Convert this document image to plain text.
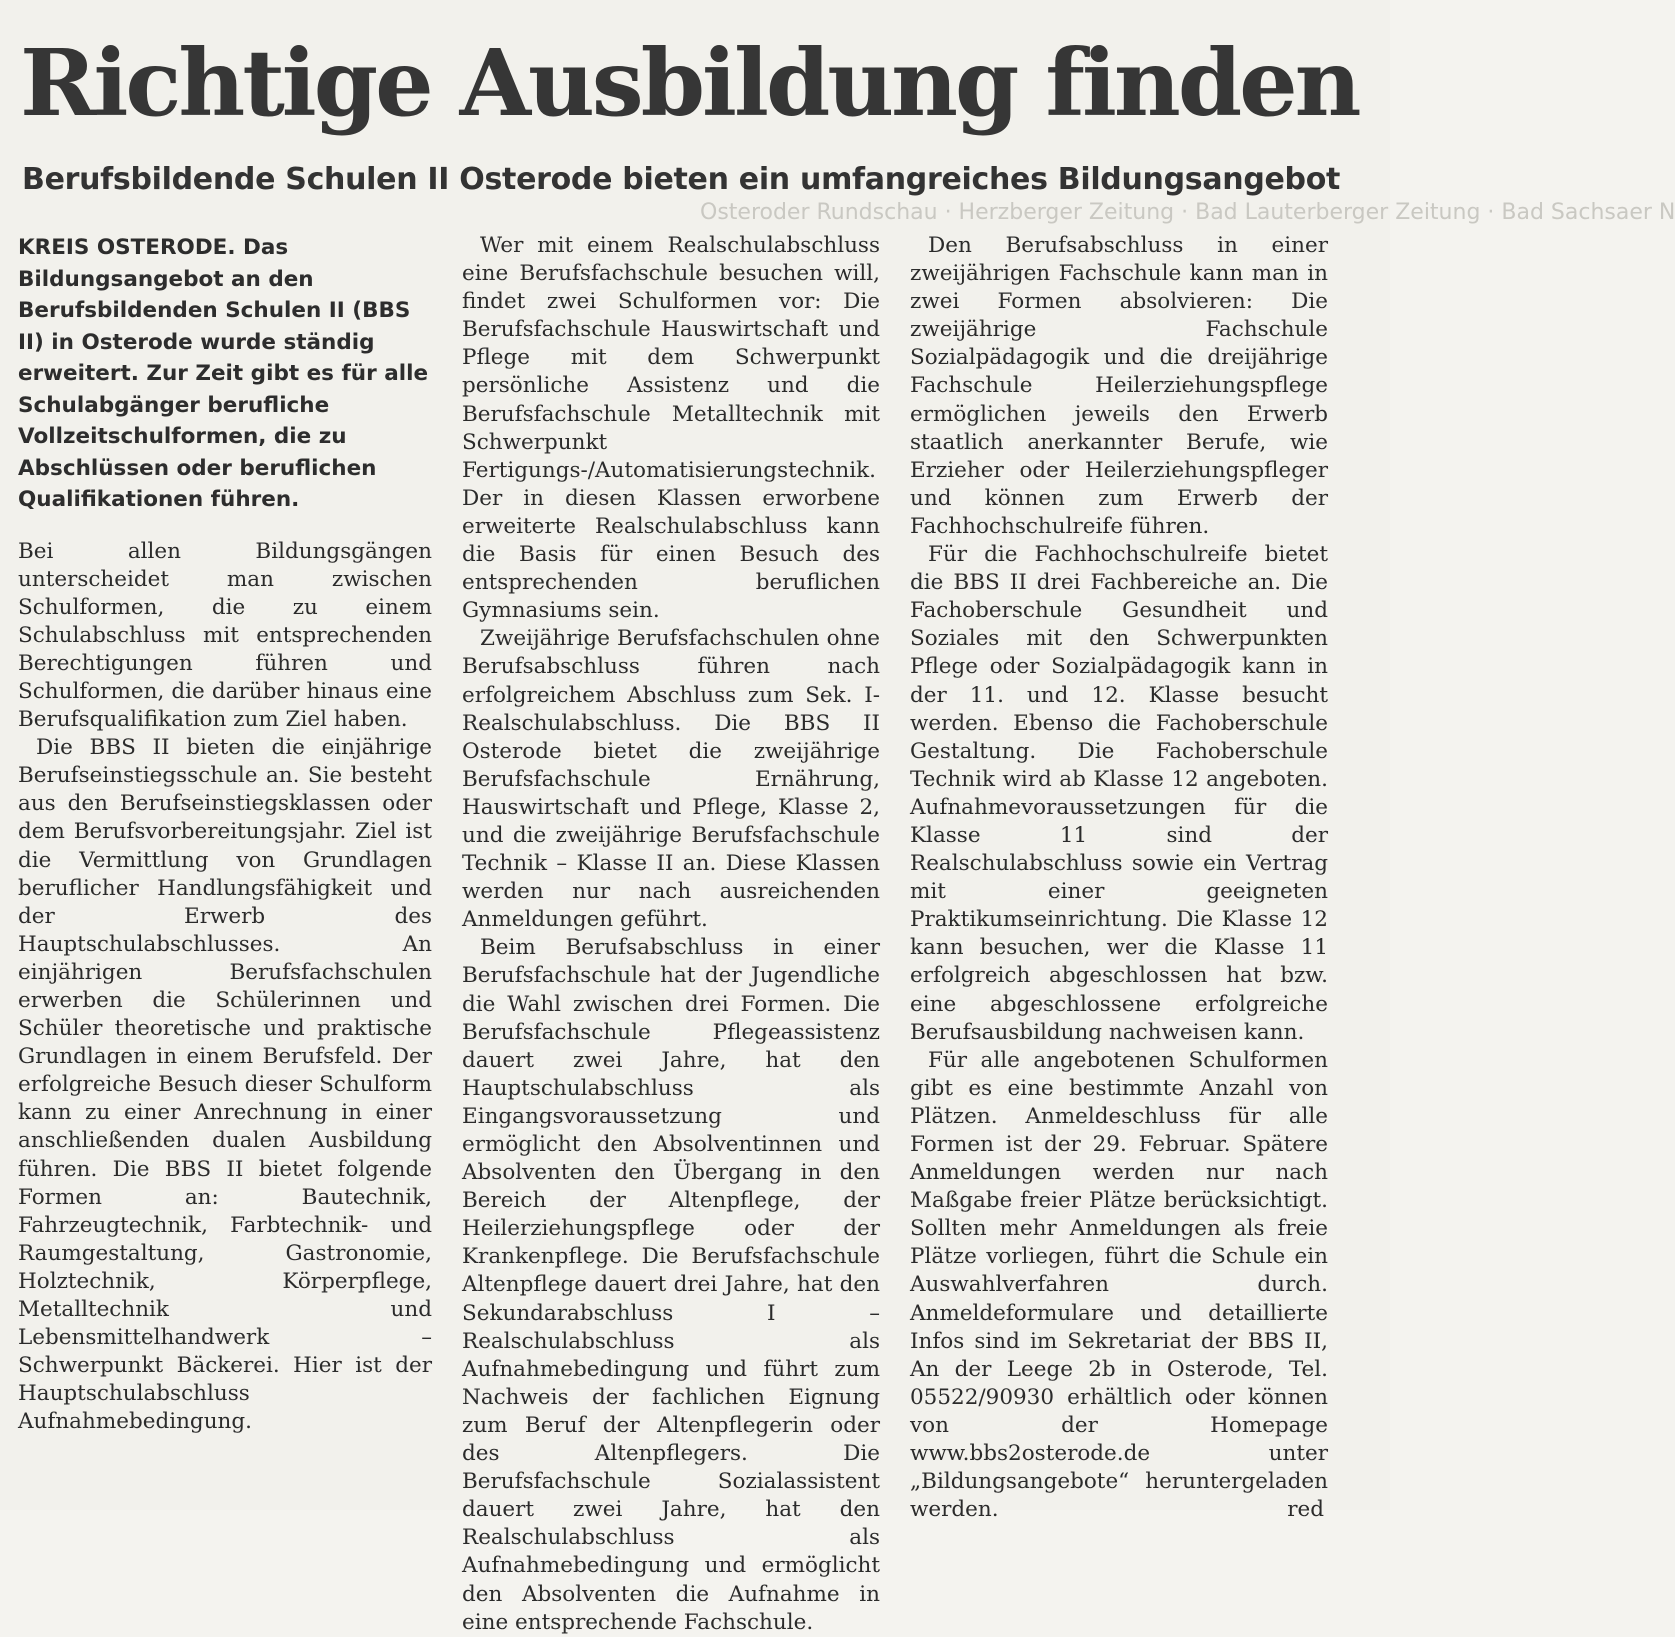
Richtige Ausbildung finden
Berufsbildende Schulen II Osterode bieten ein umfangreiches Bildungsangebot
Osteroder Rundschau · Herzberger Zeitung · Bad Lauterberger Zeitung · Bad Sachsaer N
KREIS OSTERODE. Das Bildungsangebot an den Berufsbildenden Schulen II (BBS II) in Osterode wurde ständig erweitert. Zur Zeit gibt es für alle Schulabgänger berufliche Vollzeitschulformen, die zu Abschlüssen oder beruflichen Qualifikationen führen.

Bei allen Bildungsgängen unterscheidet man zwischen Schulformen, die zu einem Schulabschluss mit entsprechenden Berechtigungen führen und Schulformen, die darüber hinaus eine Berufsqualifikation zum Ziel haben.

Die BBS II bieten die einjährige Berufseinstiegsschule an. Sie besteht aus den Berufseinstiegsklassen oder dem Berufsvorbereitungsjahr. Ziel ist die Vermittlung von Grundlagen beruflicher Handlungsfähigkeit und der Erwerb des Hauptschulabschlusses. An einjährigen Berufsfachschulen erwerben die Schülerinnen und Schüler theoretische und praktische Grundlagen in einem Berufsfeld. Der erfolgreiche Besuch dieser Schulform kann zu einer Anrechnung in einer anschließenden dualen Ausbildung führen. Die BBS II bietet folgende Formen an: Bautechnik, Fahrzeugtechnik, Farbtechnik- und Raumgestaltung, Gastronomie, Holztechnik, Körperpflege, Metalltechnik und Lebensmittelhandwerk – Schwerpunkt Bäckerei. Hier ist der Hauptschulabschluss Aufnahmebedingung.

Wer mit einem Realschulabschluss eine Berufsfachschule besuchen will, findet zwei Schulformen vor: Die Berufsfachschule Hauswirtschaft und Pflege mit dem Schwerpunkt persönliche Assistenz und die Berufsfachschule Metalltechnik mit Schwerpunkt Fertigungs-/Automatisierungstechnik. Der in diesen Klassen erworbene erweiterte Realschulabschluss kann die Basis für einen Besuch des entsprechenden beruflichen Gymnasiums sein.

Zweijährige Berufsfachschulen ohne Berufsabschluss führen nach erfolgreichem Abschluss zum Sek. I-Realschulabschluss. Die BBS II Osterode bietet die zweijährige Berufsfachschule Ernährung, Hauswirtschaft und Pflege, Klasse 2, und die zweijährige Berufsfachschule Technik – Klasse II an. Diese Klassen werden nur nach ausreichenden Anmeldungen geführt.

Beim Berufsabschluss in einer Berufsfachschule hat der Jugendliche die Wahl zwischen drei Formen. Die Berufsfachschule Pflegeassistenz dauert zwei Jahre, hat den Hauptschulabschluss als Eingangsvoraussetzung und ermöglicht den Absolventinnen und Absolventen den Übergang in den Bereich der Altenpflege, der Heilerziehungspflege oder der Krankenpflege. Die Berufsfachschule Altenpflege dauert drei Jahre, hat den Sekundarabschluss I – Realschulabschluss als Aufnahmebedingung und führt zum Nachweis der fachlichen Eignung zum Beruf der Altenpflegerin oder des Altenpflegers. Die Berufsfachschule Sozialassistent dauert zwei Jahre, hat den Realschulabschluss als Aufnahmebedingung und ermöglicht den Absolventen die Aufnahme in eine entsprechende Fachschule.

Den Berufsabschluss in einer zweijährigen Fachschule kann man in zwei Formen absolvieren: Die zweijährige Fachschule Sozialpädagogik und die dreijährige Fachschule Heilerziehungspflege ermöglichen jeweils den Erwerb staatlich anerkannter Berufe, wie Erzieher oder Heilerziehungspfleger und können zum Erwerb der Fachhochschulreife führen.

Für die Fachhochschulreife bietet die BBS II drei Fachbereiche an. Die Fachoberschule Gesundheit und Soziales mit den Schwerpunkten Pflege oder Sozialpädagogik kann in der 11. und 12. Klasse besucht werden. Ebenso die Fachoberschule Gestaltung. Die Fachoberschule Technik wird ab Klasse 12 angeboten. Aufnahmevoraussetzungen für die Klasse 11 sind der Realschulabschluss sowie ein Vertrag mit einer geeigneten Praktikumseinrichtung. Die Klasse 12 kann besuchen, wer die Klasse 11 erfolgreich abgeschlossen hat bzw. eine abgeschlossene erfolgreiche Berufsausbildung nachweisen kann.

Für alle angebotenen Schulformen gibt es eine bestimmte Anzahl von Plätzen. Anmeldeschluss für alle Formen ist der 29. Februar. Spätere Anmeldungen werden nur nach Maßgabe freier Plätze berücksichtigt. Sollten mehr Anmeldungen als freie Plätze vorliegen, führt die Schule ein Auswahlverfahren durch. Anmeldeformulare und detaillierte Infos sind im Sekretariat der BBS II, An der Leege 2b in Osterode, Tel. 05522/90930 erhältlich oder können von der Homepage www.bbs2osterode.de unter „Bildungsangebote“ heruntergeladen werden.	red
